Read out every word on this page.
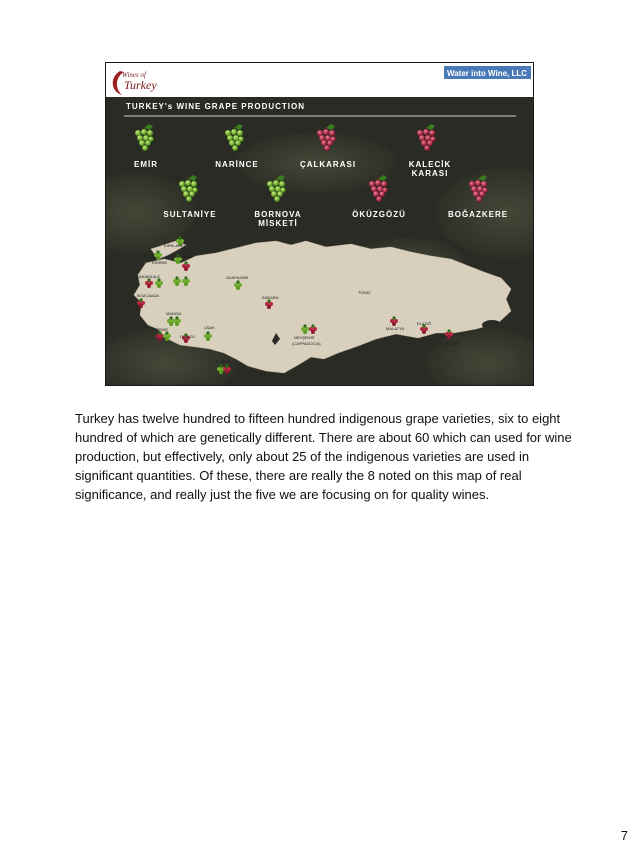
Wines of
Turkey
Water into Wine, LLC
TURKEY's WINE GRAPE PRODUCTION
EMİR	NARİNCE	ÇALKARASI	KALECİK
KARASI
SULTANİYE	BORNOVA
MİSKETİ
ÖKÜZGÖZÜ	BOĞAZKERE
EDIRNE
KIRKLARELI
TEKIRDAG
ÇANAKKALE
BOZCAADA
MANISA
IZMIR
DENIZLI
UŞAK
ELMALI
ADAPAZARI
ANKARA
TOKAT
NEVŞEHIR
(CAPPADOCIA)
MALATYA
ELAZIĞ
DIYARBAKIR
Turkey has twelve hundred to fifteen hundred indigenous grape varieties, six to eight hundred of which are genetically different. There are about 60 which can used for wine production, but effectively, only about 25 of the indigenous varieties are used in significant quantities. Of these, there are really the 8 noted on this map of real significance, and really just the five we are focusing on for quality wines.
7
